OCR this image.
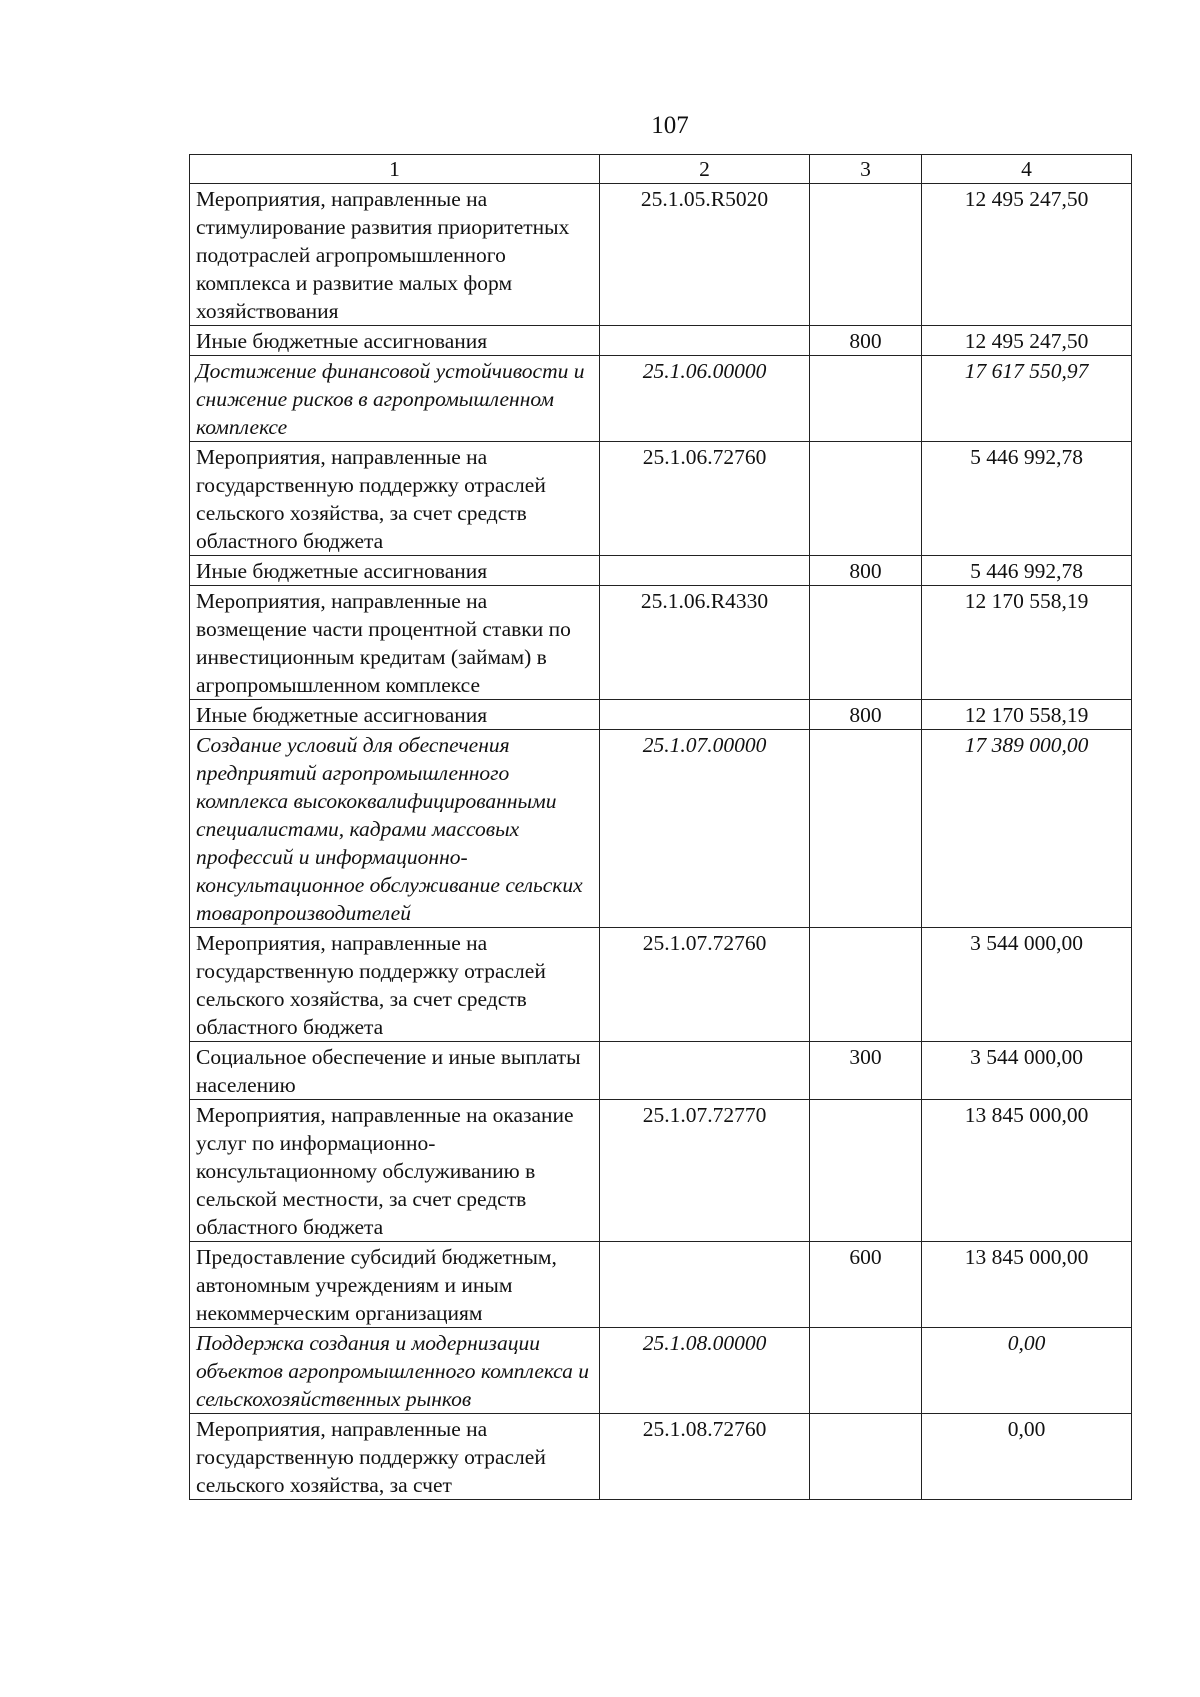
107
1	2	3	4
Мероприятия, направленные на стимулирование развития приоритетных подотраслей агропромышленного комплекса и развитие малых форм хозяйствования	25.1.05.R5020		12 495 247,50
Иные бюджетные ассигнования		800	12 495 247,50
Достижение финансовой устойчивости и снижение рисков в агропромышленном комплексе	25.1.06.00000		17 617 550,97
Мероприятия, направленные на государственную поддержку отраслей сельского хозяйства, за счет средств областного бюджета	25.1.06.72760		5 446 992,78
Иные бюджетные ассигнования		800	5 446 992,78
Мероприятия, направленные на возмещение части процентной ставки по инвестиционным кредитам (займам) в агропромышленном комплексе	25.1.06.R4330		12 170 558,19
Иные бюджетные ассигнования		800	12 170 558,19
Создание условий для обеспечения предприятий агропромышленного комплекса высококвалифицированными специалистами, кадрами массовых профессий и информационно-консультационное обслуживание сельских товаропроизводителей	25.1.07.00000		17 389 000,00
Мероприятия, направленные на государственную поддержку отраслей сельского хозяйства, за счет средств областного бюджета	25.1.07.72760		3 544 000,00
Социальное обеспечение и иные выплаты населению		300	3 544 000,00
Мероприятия, направленные на оказание услуг по информационно-консультационному обслуживанию в сельской местности, за счет средств областного бюджета	25.1.07.72770		13 845 000,00
Предоставление субсидий бюджетным, автономным учреждениям и иным некоммерческим организациям		600	13 845 000,00
Поддержка создания и модернизации объектов агропромышленного комплекса и сельскохозяйственных рынков	25.1.08.00000		0,00
Мероприятия, направленные на государственную поддержку отраслей сельского хозяйства, за счет	25.1.08.72760		0,00
